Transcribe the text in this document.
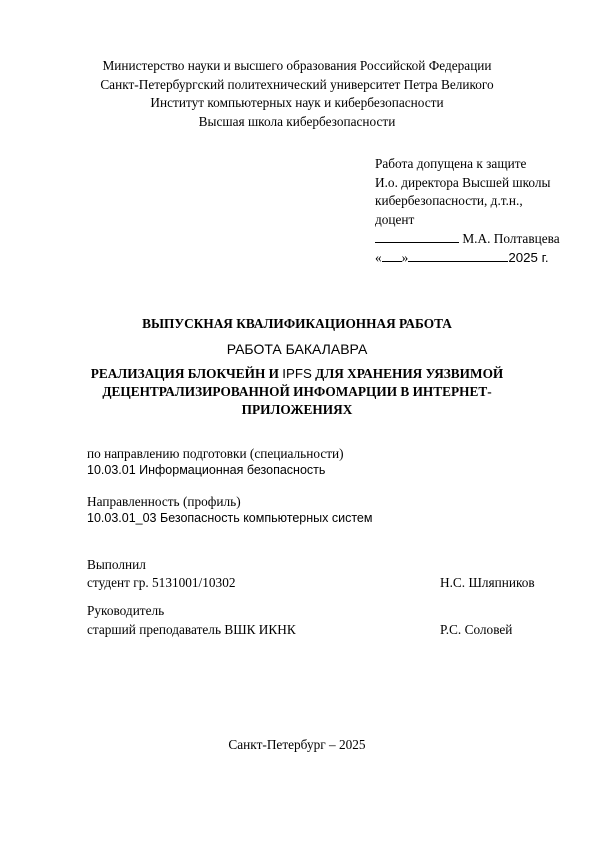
Министерство науки и высшего образования Российской Федерации
Санкт-Петербургский политехнический университет Петра Великого
Институт компьютерных наук и кибербезопасности
Высшая школа кибербезопасности
Работа допущена к защите
И.о. директора Высшей школы
кибербезопасности, д.т.н.,
доцент
М.А. Полтавцева
« »	2025 г.
ВЫПУСКНАЯ КВАЛИФИКАЦИОННАЯ РАБОТА
РАБОТА БАКАЛАВРА
РЕАЛИЗАЦИЯ БЛОКЧЕЙН И IPFS ДЛЯ ХРАНЕНИЯ УЯЗВИМОЙ
ДЕЦЕНТРАЛИЗИРОВАННОЙ ИНФОМАРЦИИ В ИНТЕРНЕТ-
ПРИЛОЖЕНИЯХ
по направлению подготовки (специальности)
10.03.01 Информационная безопасность
Направленность (профиль)
10.03.01_03 Безопасность компьютерных систем
Выполнил
студент гр. 5131001/10302	Н.С. Шляпников
Руководитель
старший преподаватель ВШК ИКНК	Р.С. Соловей
Санкт-Петербург – 2025
